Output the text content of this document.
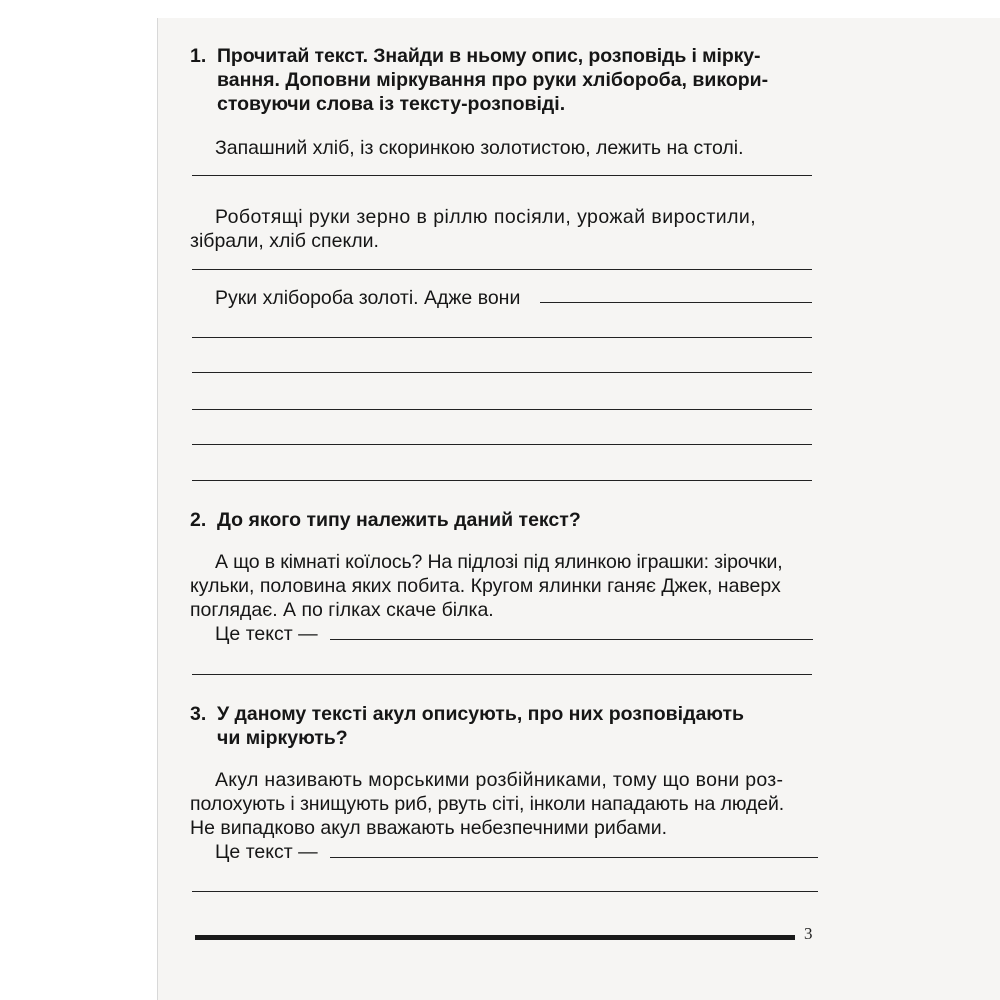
1. Прочитай текст. Знайди в ньому опис, розповідь і мірку-
вання. Доповни міркування про руки хлібороба, викори-
стовуючи слова із тексту-розповіді.
Запашний хліб, із скоринкою золотистою, лежить на столі.
Роботящі руки зерно в ріллю посіяли, урожай виростили,
зібрали, хліб спекли.
Руки хлібороба золоті. Адже вони
2. До якого типу належить даний текст?
А що в кімнаті коїлось? На підлозі під ялинкою іграшки: зірочки,
кульки, половина яких побита. Кругом ялинки ганяє Джек, наверх
поглядає. А по гілках скаче білка.
Це текст —
3. У даному тексті акул описують, про них розповідають
чи міркують?
Акул називають морськими розбійниками, тому що вони роз-
полохують і знищують риб, рвуть сіті, інколи нападають на людей.
Не випадково акул вважають небезпечними рибами.
Це текст —
3
